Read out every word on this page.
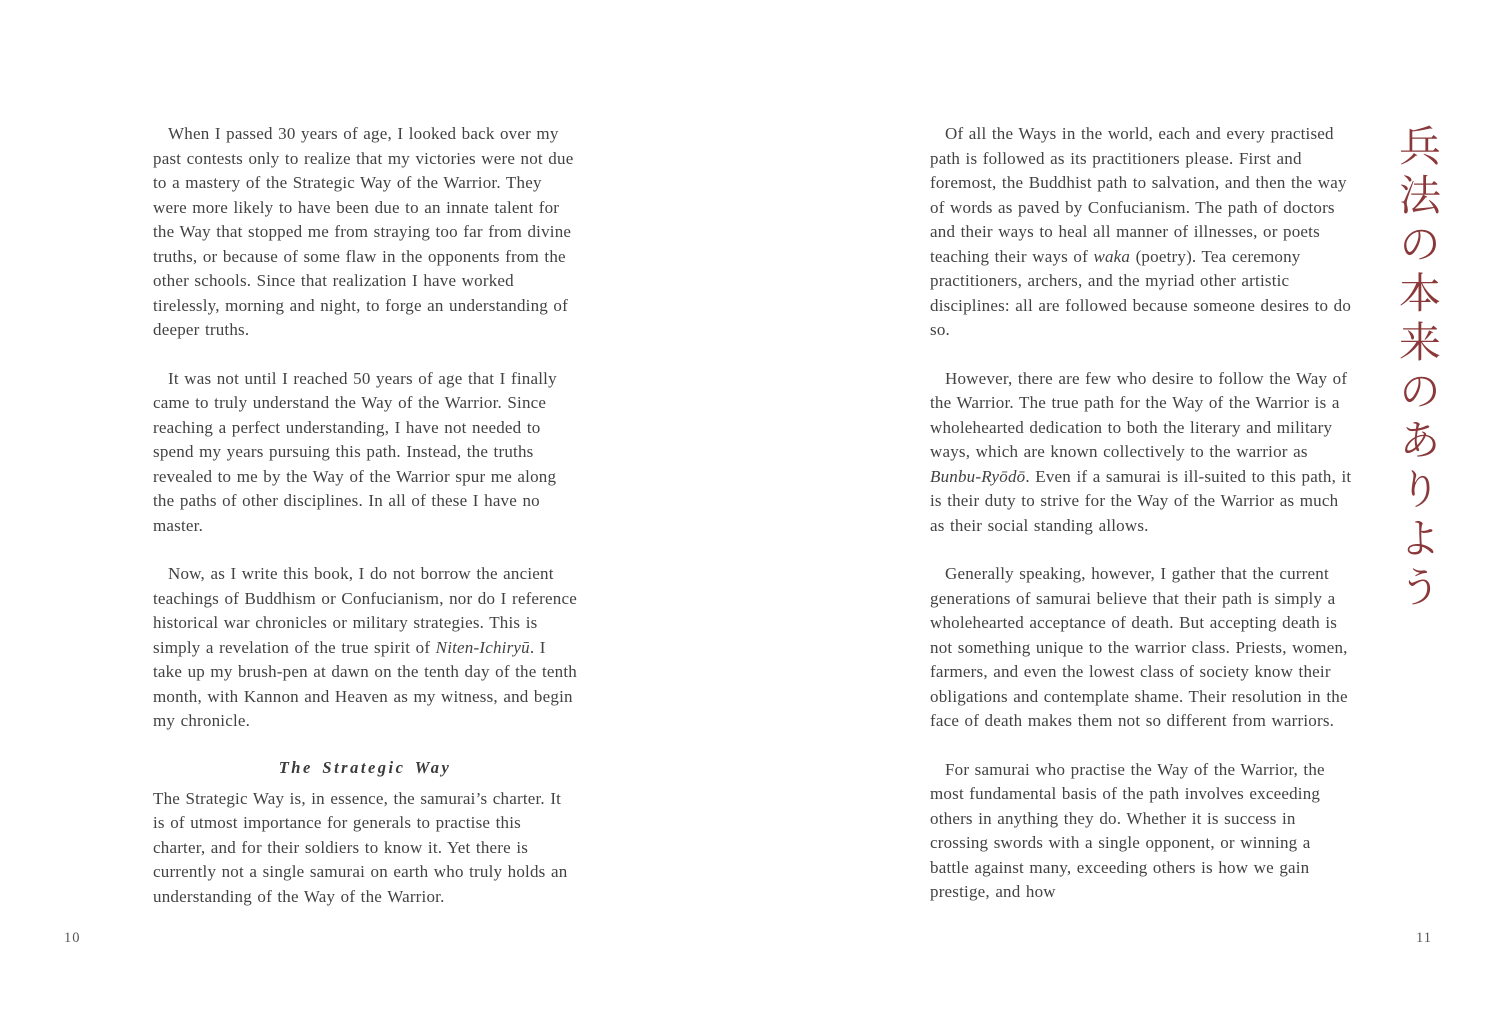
When I passed 30 years of age, I looked back over my past contests only to realize that my victories were not due to a mastery of the Strategic Way of the Warrior. They were more likely to have been due to an innate talent for the Way that stopped me from straying too far from divine truths, or because of some flaw in the opponents from the other schools. Since that realization I have worked tirelessly, morning and night, to forge an understanding of deeper truths.

It was not until I reached 50 years of age that I finally came to truly understand the Way of the Warrior. Since reaching a perfect understanding, I have not needed to spend my years pursuing this path. Instead, the truths revealed to me by the Way of the Warrior spur me along the paths of other disciplines. In all of these I have no master.

Now, as I write this book, I do not borrow the ancient teachings of Buddhism or Confucianism, nor do I reference historical war chronicles or military strategies. This is simply a revelation of the true spirit of Niten-Ichiryū. I take up my brush-pen at dawn on the tenth day of the tenth month, with Kannon and Heaven as my witness, and begin my chronicle.

The Strategic Way

The Strategic Way is, in essence, the samurai’s charter. It is of utmost importance for generals to practise this charter, and for their soldiers to know it. Yet there is currently not a single samurai on earth who truly holds an understanding of the Way of the Warrior.

Of all the Ways in the world, each and every practised path is followed as its practitioners please. First and foremost, the Buddhist path to salvation, and then the way of words as paved by Confucianism. The path of doctors and their ways to heal all manner of illnesses, or poets teaching their ways of waka (poetry). Tea ceremony practitioners, archers, and the myriad other artistic disciplines: all are followed because someone desires to do so.

However, there are few who desire to follow the Way of the Warrior. The true path for the Way of the Warrior is a wholehearted dedication to both the literary and military ways, which are known collectively to the warrior as Bunbu-Ryōdō. Even if a samurai is ill-suited to this path, it is their duty to strive for the Way of the Warrior as much as their social standing allows.

Generally speaking, however, I gather that the current generations of samurai believe that their path is simply a wholehearted acceptance of death. But accepting death is not something unique to the warrior class. Priests, women, farmers, and even the lowest class of society know their obligations and contemplate shame. Their resolution in the face of death makes them not so different from warriors.

For samurai who practise the Way of the Warrior, the most fundamental basis of the path involves exceeding others in anything they do. Whether it is success in crossing swords with a single opponent, or winning a battle against many, exceeding others is how we gain prestige, and how

兵法の本来のありよう
10	11
